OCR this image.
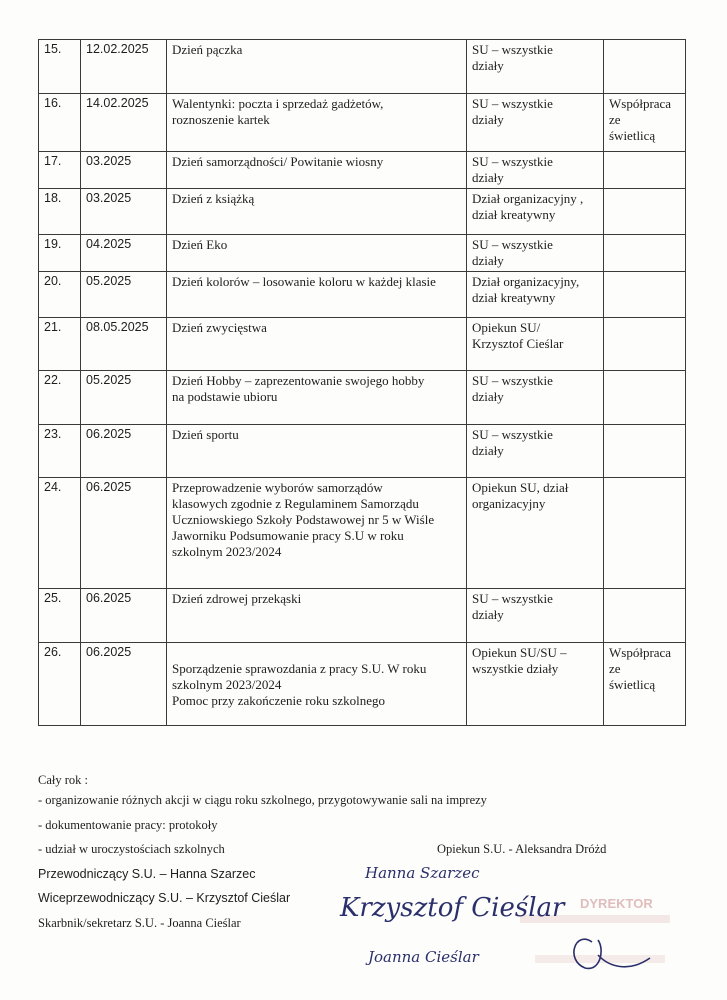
15.	12.02.2025	Dzień pączka	SU – wszystkie
działy	

16.	14.02.2025	Walentynki: poczta i sprzedaż gadżetów,
roznoszenie kartek	SU – wszystkie
działy	Współpraca
ze
świetlicą

17.	03.2025	Dzień samorządności/ Powitanie wiosny	SU – wszystkie
działy	

18.	03.2025	Dzień z książką	Dział organizacyjny ,
dział kreatywny	

19.	04.2025	Dzień Eko	SU – wszystkie
działy	

20.	05.2025	Dzień kolorów – losowanie koloru w każdej klasie	Dział organizacyjny,
dział kreatywny	

21.	08.05.2025	Dzień zwycięstwa	Opiekun SU/
Krzysztof Cieślar	

22.	05.2025	Dzień Hobby – zaprezentowanie swojego hobby
na podstawie ubioru	SU – wszystkie
działy	

23.	06.2025	Dzień sportu	SU – wszystkie
działy	

24.	06.2025	Przeprowadzenie wyborów samorządów
klasowych zgodnie z Regulaminem Samorządu
Uczniowskiego Szkoły Podstawowej nr 5 w Wiśle
Jaworniku Podsumowanie pracy S.U w roku
szkolnym 2023/2024	Opiekun SU, dział
organizacyjny	

25.	06.2025	Dzień zdrowej przekąski	SU – wszystkie
działy	

26.	06.2025	Sporządzenie sprawozdania z pracy S.U. W roku
szkolnym 2023/2024
Pomoc przy zakończenie roku szkolnego	Opiekun SU/SU –
wszystkie działy	Współpraca
ze
świetlicą
Cały rok :
- organizowanie różnych akcji w ciągu roku szkolnego, przygotowywanie sali na imprezy
- dokumentowanie pracy: protokoły
- udział w uroczystościach szkolnych	Opiekun S.U. - Aleksandra Dróżd
Przewodniczący S.U. – Hanna Szarzec
Wiceprzewodniczący S.U. – Krzysztof Cieślar
Skarbnik/sekretarz S.U. - Joanna Cieślar
DYREKTOR
Hanna Szarzec
Krzysztof Cieślar
Joanna Cieślar
